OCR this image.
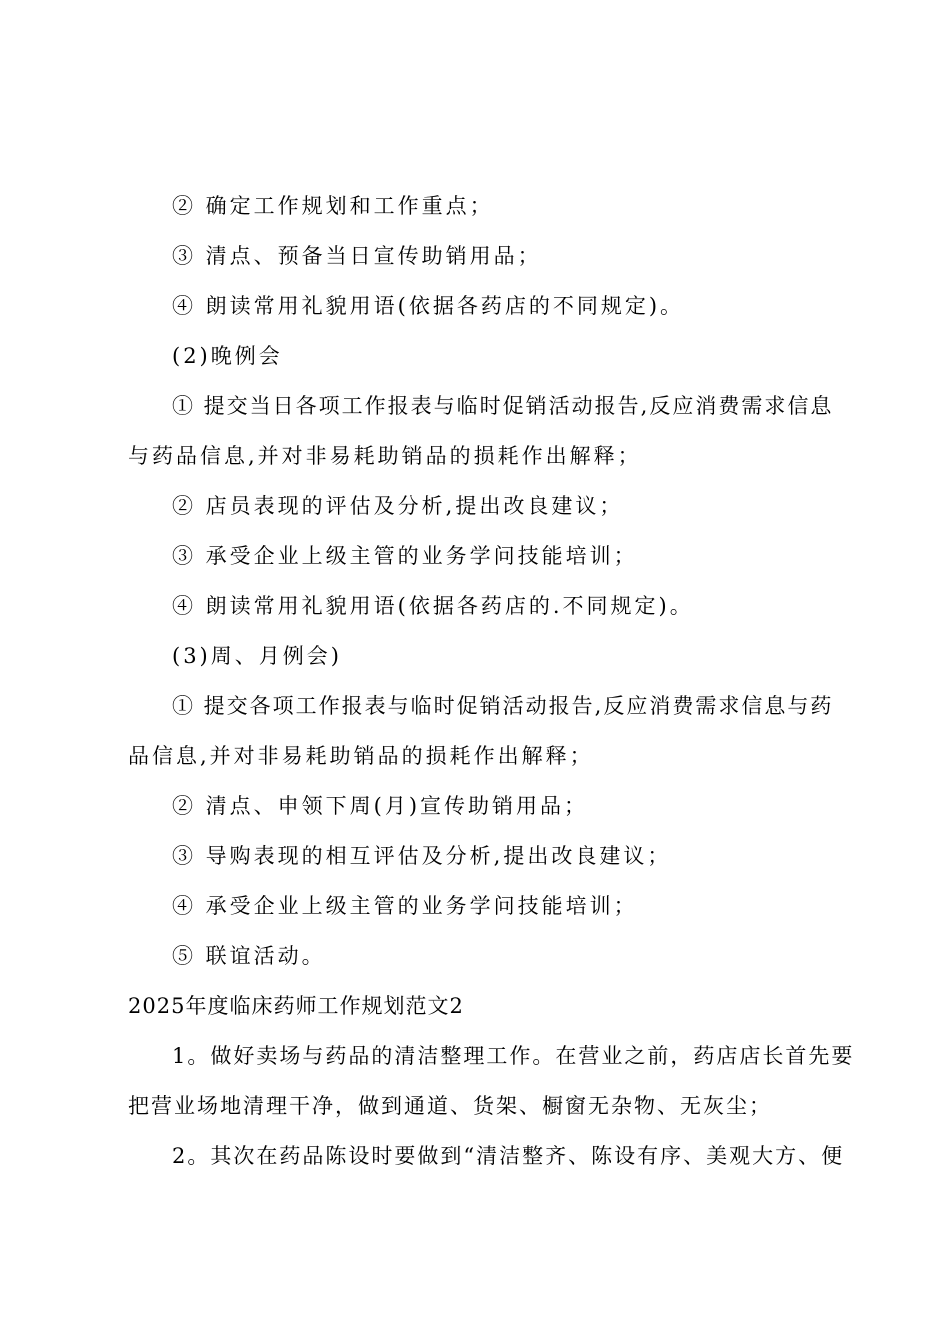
② 确定工作规划和工作重点；
③ 清点、预备当日宣传助销用品；
④ 朗读常用礼貌用语(依据各药店的不同规定)。
(2)晚例会
① 提交当日各项工作报表与临时促销活动报告,反应消费需求信息
与药品信息,并对非易耗助销品的损耗作出解释；
② 店员表现的评估及分析,提出改良建议；
③ 承受企业上级主管的业务学问技能培训；
④ 朗读常用礼貌用语(依据各药店的.不同规定)。
(3)周、月例会)
① 提交各项工作报表与临时促销活动报告,反应消费需求信息与药
品信息,并对非易耗助销品的损耗作出解释；
② 清点、申领下周(月)宣传助销用品；
③ 导购表现的相互评估及分析,提出改良建议；
④ 承受企业上级主管的业务学问技能培训；
⑤ 联谊活动。
2025年度临床药师工作规划范文2
1。做好卖场与药品的清洁整理工作。在营业之前，药店店长首先要
把营业场地清理干净，做到通道、货架、橱窗无杂物、无灰尘；
2。其次在药品陈设时要做到“清洁整齐、陈设有序、美观大方、便
